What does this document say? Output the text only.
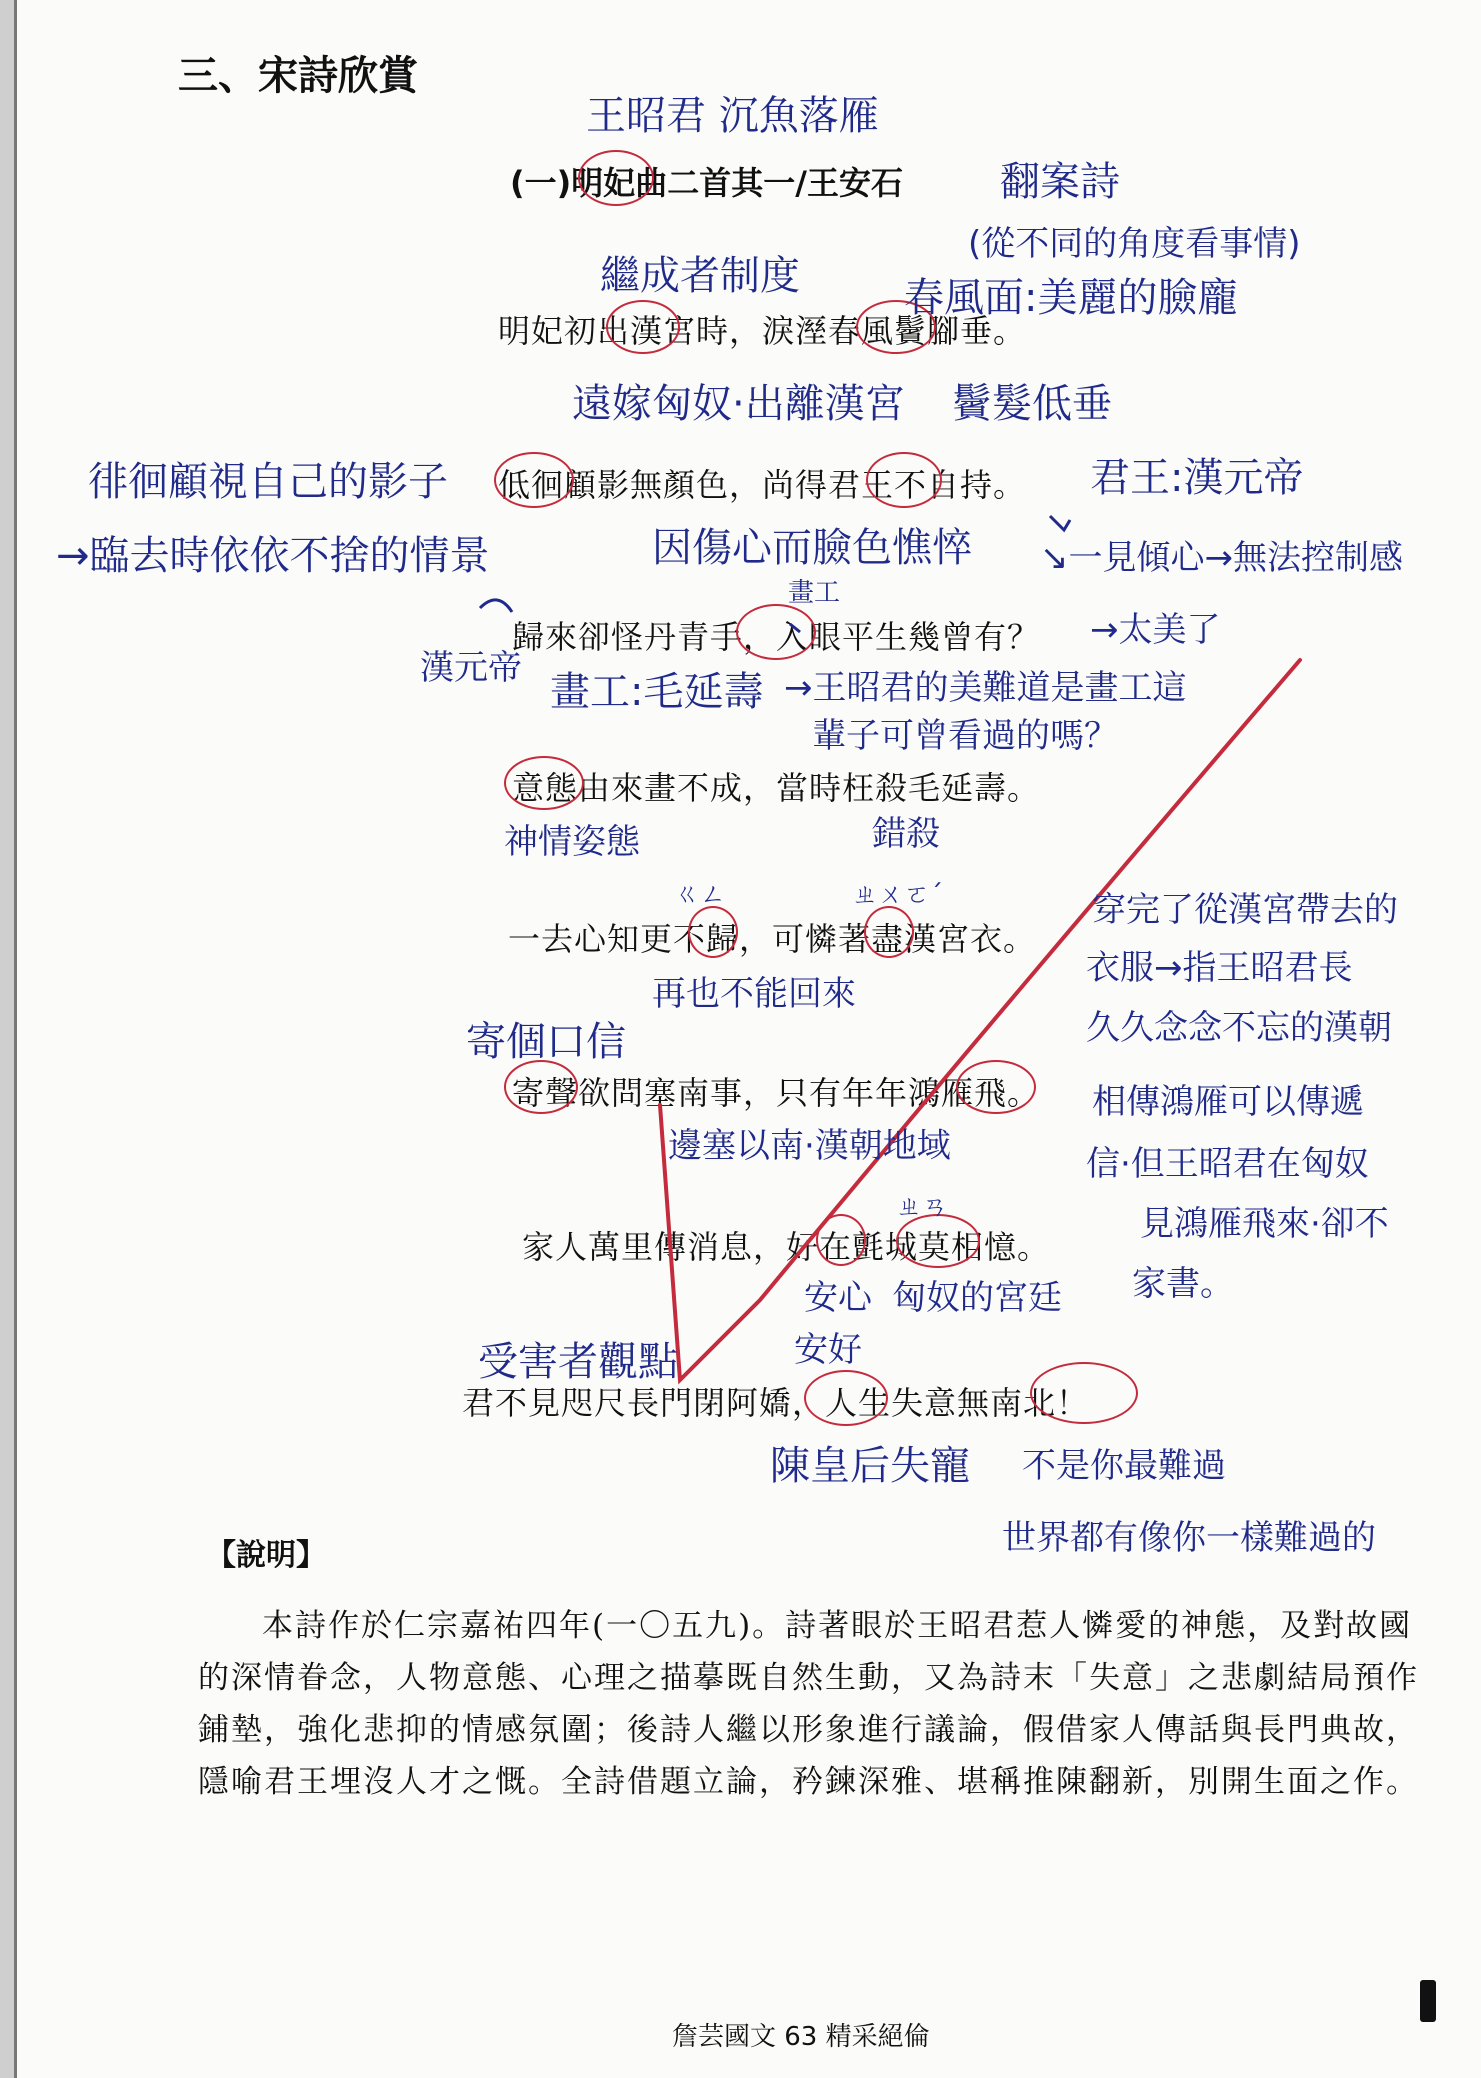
三、宋詩欣賞
(一)明妃曲二首其一/王安石
明妃初出漢宮時，淚溼春風鬢腳垂。
低徊顧影無顏色，尚得君王不自持。
歸來卻怪丹青手，入眼平生幾曾有？
意態由來畫不成，當時枉殺毛延壽。
一去心知更不歸，可憐著盡漢宮衣。
寄聲欲問塞南事，只有年年鴻雁飛。
家人萬里傳消息，好在氈城莫相憶。
君不見咫尺長門閉阿嬌，人生失意無南北！
【說明】
本詩作於仁宗嘉祐四年(一〇五九)。詩著眼於王昭君惹人憐愛的神態，及對故國的深情眷念，人物意態、心理之描摹既自然生動，又為詩末「失意」之悲劇結局預作鋪墊，強化悲抑的情感氛圍；後詩人繼以形象進行議論，假借家人傳話與長門典故，隱喻君王埋沒人才之慨。全詩借題立論，矜鍊深雅、堪稱推陳翻新，別開生面之作。
詹芸國文 63 精采絕倫
王昭君 沉魚落雁
翻案詩
(從不同的角度看事情)
繼成者制度	春風面:美麗的臉龐
遠嫁匈奴·出離漢宮 鬢髮低垂
徘徊顧視自己的影子	君王:漢元帝
→臨去時依依不捨的情景	因傷心而臉色憔悴 ↘一見傾心→無法控制感
畫工
→太美了
漢元帝
畫工:毛延壽 →王昭君的美難道是畫工這
輩子可曾看過的嗎？
神情姿態	錯殺
ㄍㄥ	ㄓㄨㄛˊ
再也不能回來
穿完了從漢宮帶去的
衣服→指王昭君長
久久念念不忘的漢朝
寄個口信
相傳鴻雁可以傳遞
邊塞以南·漢朝地域	信·但王昭君在匈奴
ㄓㄢ	見鴻雁飛來·卻不
家書。
安心 匈奴的宮廷
安好
受害者觀點
陳皇后失寵 不是你最難過
世界都有像你一樣難過的
